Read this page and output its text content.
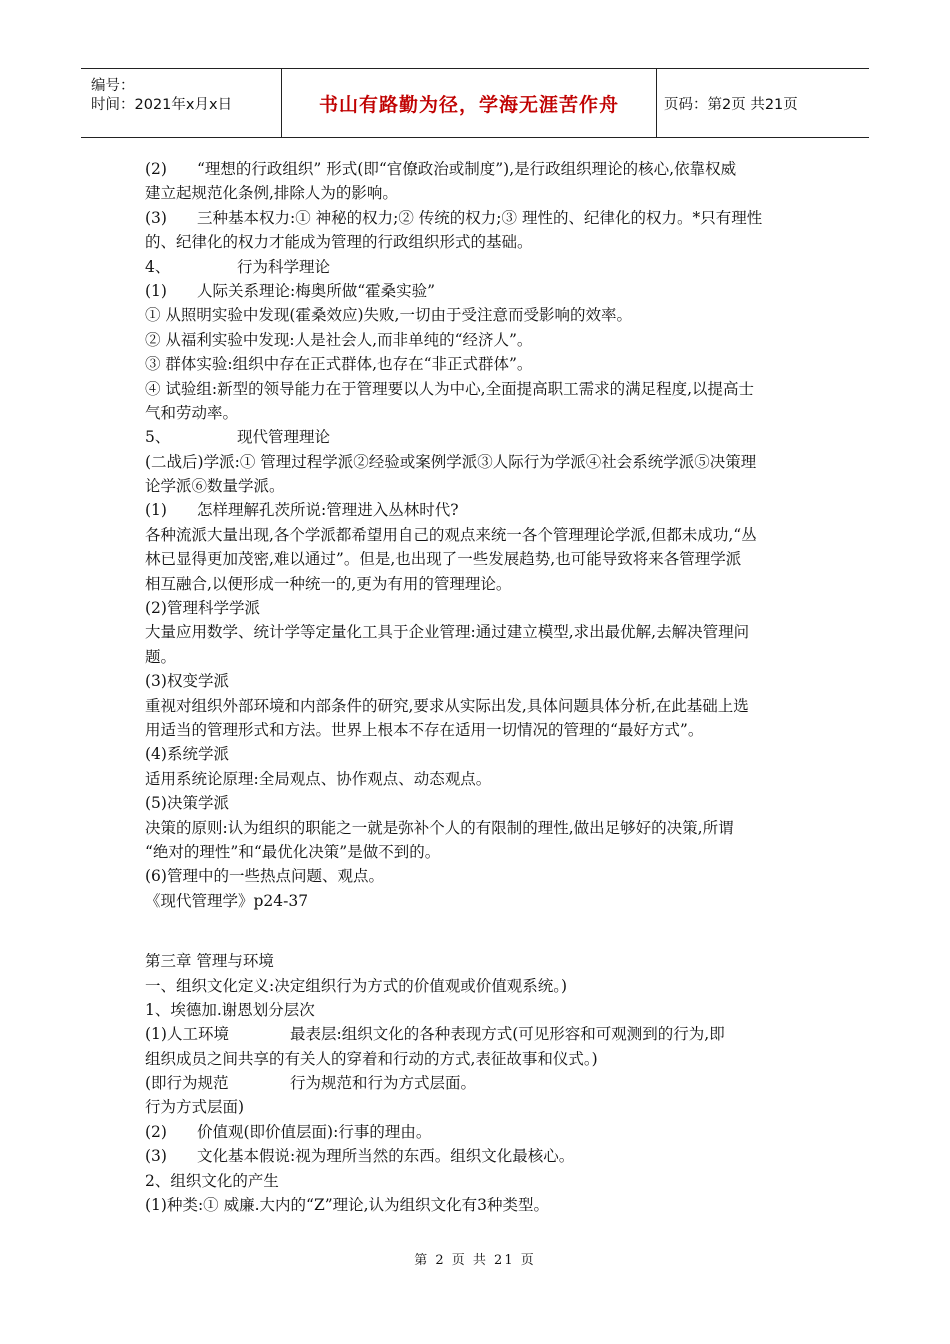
编号：
时间：2021年x月x日	书山有路勤为径，学海无涯苦作舟	页码：第2页 共21页
(2) “理想的行政组织” 形式(即“官僚政治或制度”),是行政组织理论的核心,依靠权威
建立起规范化条例,排除人为的影响。
(3) 三种基本权力:① 神秘的权力;② 传统的权力;③ 理性的、纪律化的权力。*只有理性
的、纪律化的权力才能成为管理的行政组织形式的基础。
4、	行为科学理论
(1) 人际关系理论:梅奥所做“霍桑实验”
① 从照明实验中发现(霍桑效应)失败,一切由于受注意而受影响的效率。
② 从福利实验中发现:人是社会人,而非单纯的“经济人”。
③ 群体实验:组织中存在正式群体,也存在“非正式群体”。
④ 试验组:新型的领导能力在于管理要以人为中心,全面提高职工需求的满足程度,以提高士
气和劳动率。
5、	现代管理理论
(二战后)学派:① 管理过程学派②经验或案例学派③人际行为学派④社会系统学派⑤决策理
论学派⑥数量学派。
(1) 怎样理解孔茨所说:管理进入丛林时代?
各种流派大量出现,各个学派都希望用自己的观点来统一各个管理理论学派,但都未成功,“丛
林已显得更加茂密,难以通过”。但是,也出现了一些发展趋势,也可能导致将来各管理学派
相互融合,以便形成一种统一的,更为有用的管理理论。
(2)管理科学学派
大量应用数学、统计学等定量化工具于企业管理:通过建立模型,求出最优解,去解决管理问
题。
(3)权变学派
重视对组织外部环境和内部条件的研究,要求从实际出发,具体问题具体分析,在此基础上选
用适当的管理形式和方法。世界上根本不存在适用一切情况的管理的“最好方式”。
(4)系统学派
适用系统论原理:全局观点、协作观点、动态观点。
(5)决策学派
决策的原则:认为组织的职能之一就是弥补个人的有限制的理性,做出足够好的决策,所谓
“绝对的理性”和“最优化决策”是做不到的。
(6)管理中的一些热点问题、观点。
《现代管理学》p24-37
第三章 管理与环境
一、组织文化定义:决定组织行为方式的价值观或价值观系统。)
1、埃德加.谢恩划分层次
(1)人工环境	最表层:组织文化的各种表现方式(可见形容和可观测到的行为,即
组织成员之间共享的有关人的穿着和行动的方式,表征故事和仪式。)
(即行为规范	行为规范和行为方式层面。
行为方式层面)
(2) 价值观(即价值层面):行事的理由。
(3) 文化基本假说:视为理所当然的东西。组织文化最核心。
2、组织文化的产生
(1)种类:① 威廉.大内的“Z”理论,认为组织文化有3种类型。
第 2 页 共 21 页
